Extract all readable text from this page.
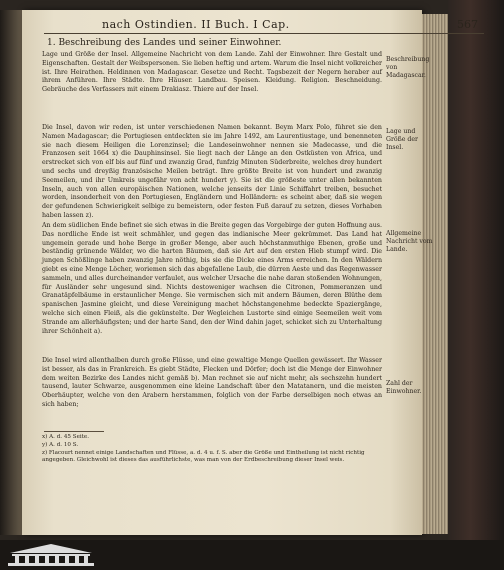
nach Ostindien. II Buch. I Cap.	567
1. Beschreibung des Landes und seiner Einwohner.

Lage und Größe der Insel. Allgemeine Nachricht von dem Lande. Zahl der Einwohner. Ihre Gestalt und Eigenschaften. Gestalt der Weibspersonen. Sie lieben heftig und artem. Warum die Insel nicht volkreicher ist. Ihre Heirathen. Heldinnen von Madagascar. Gesetze und Recht. Tagsbezeit der Negern heraber auf ihrem Anführen. Ihre Städte. Ihre Häuser. Landbau. Speisen. Kleidung. Religion. Beschneidung. Gebräuche des Verfassers mit einem Drakiasz. Thiere auf der Insel.

Die Insel, davon wir reden, ist unter verschiedenen Namen bekannt. Beym Marx Polo, führet sie den Namen Madagascar; die Portugiesen entdeckten sie im Jahre 1492, am Laurentiustage, und benenneten sie nach diesem Heiligen die Lorenzinsel; die Landeseinwohner nennen sie Madecasse, und die Franzosen seit 1664 x) die Dauphinsinsel. Sie liegt nach der Länge an den Ostküsten von Africa, und erstrecket sich von elf bis auf fünf und zwanzig Grad, funfzig Minuten Süderbreite, welches drey hundert und sechs und dreyßig französische Meilen beträgt. Ihre größte Breite ist von hundert und zwanzig Seemeilen, und ihr Umkreis ungefähr von acht hundert y). Sie ist die größeste unter allen bekannten Inseln, auch von allen europäischen Nationen, welche jenseits der Linie Schiffahrt treiben, besuchet worden, insonderheit von den Portugiesen, Engländern und Holländern: es scheint aber, daß sie wegen der gefundenen Schwierigkeit selbige zu bemeistern, oder festen Fuß darauf zu setzen, dieses Vorhaben haben lassen z).

An dem südlichen Ende befinet sie sich etwas in die Breite gegen das Vorgebirge der guten Hoffnung aus. Das nordliche Ende ist weit schmähler, und gegen das indianische Meer gekrümmet. Das Land hat ungemein gerade und hohe Berge in großer Menge, aber auch höchstanmuthige Ebenen, große und beständig grünende Wälder, wo die harten Bäumen, daß sie Art auf den ersten Hieb stumpf wird. Die jungen Schößlinge haben zwanzig Jahre nöthig, bis sie die Dicke eines Arms erreichen. In den Wäldern giebt es eine Menge Löcher, woriemen sich das abgefallene Laub, die dürren Aeste und das Regenwasser sammeln, und alles durcheinander verfaulet, aus welcher Ursache die nahe daran stoßenden Wohnungen, für Ausländer sehr ungesund sind. Nichts destoweniger wachsen die Citronen, Pommeranzen und Granatäpfelbäume in erstaunlicher Menge. Sie vermischen sich mit andern Bäumen, deren Blüthe dem spanischen Jasmine gleicht, und diese Vereinigung machet höchstangenehme bedeckte Spaziergänge, welche sich einen Fleiß, als die gekünstelte. Der Wegleichen Lustorte sind einige Seemeilen weit vom Strande am allerhäufigsten; und der harte Sand, den der Wind dahin jaget, schicket sich zu Unterhaltung ihrer Schönheit a).

Die Insel wird allenthalben durch große Flüsse, und eine gewaltige Menge Quellen gewässert. Ihr Wasser ist besser, als das in Frankreich. Es giebt Städte, Flecken und Dörfer; doch ist die Menge der Einwohner dem weiten Bezirke des Landes nicht gemäß b). Man rechnet sie auf nicht mehr, als sechszehn hundert tausend, lauter Schwarze, ausgenommen eine kleine Landschaft über den Matatanern, und die meisten Oberhäupter, welche von den Arabern herstammen, folglich von der Farbe derselbigen noch etwas an sich haben;

x) A. d. 45 Seite.
y) A. d. 10 S.
z) Flacourt nennet einige Landschaften und Flüsse, a. d. 4 u. f. S. aber die Größe und Eintheilung ist nicht richtig angegeben. Gleichwohl ist dieses das ausführlichste, was man von der Erdbeschreibung dieser Insel weis.
Beschreibung von Madagascar.
Lage und Größe der Insel.
Allgemeine Nachricht vom Lande.
Zahl der Einwohner.
